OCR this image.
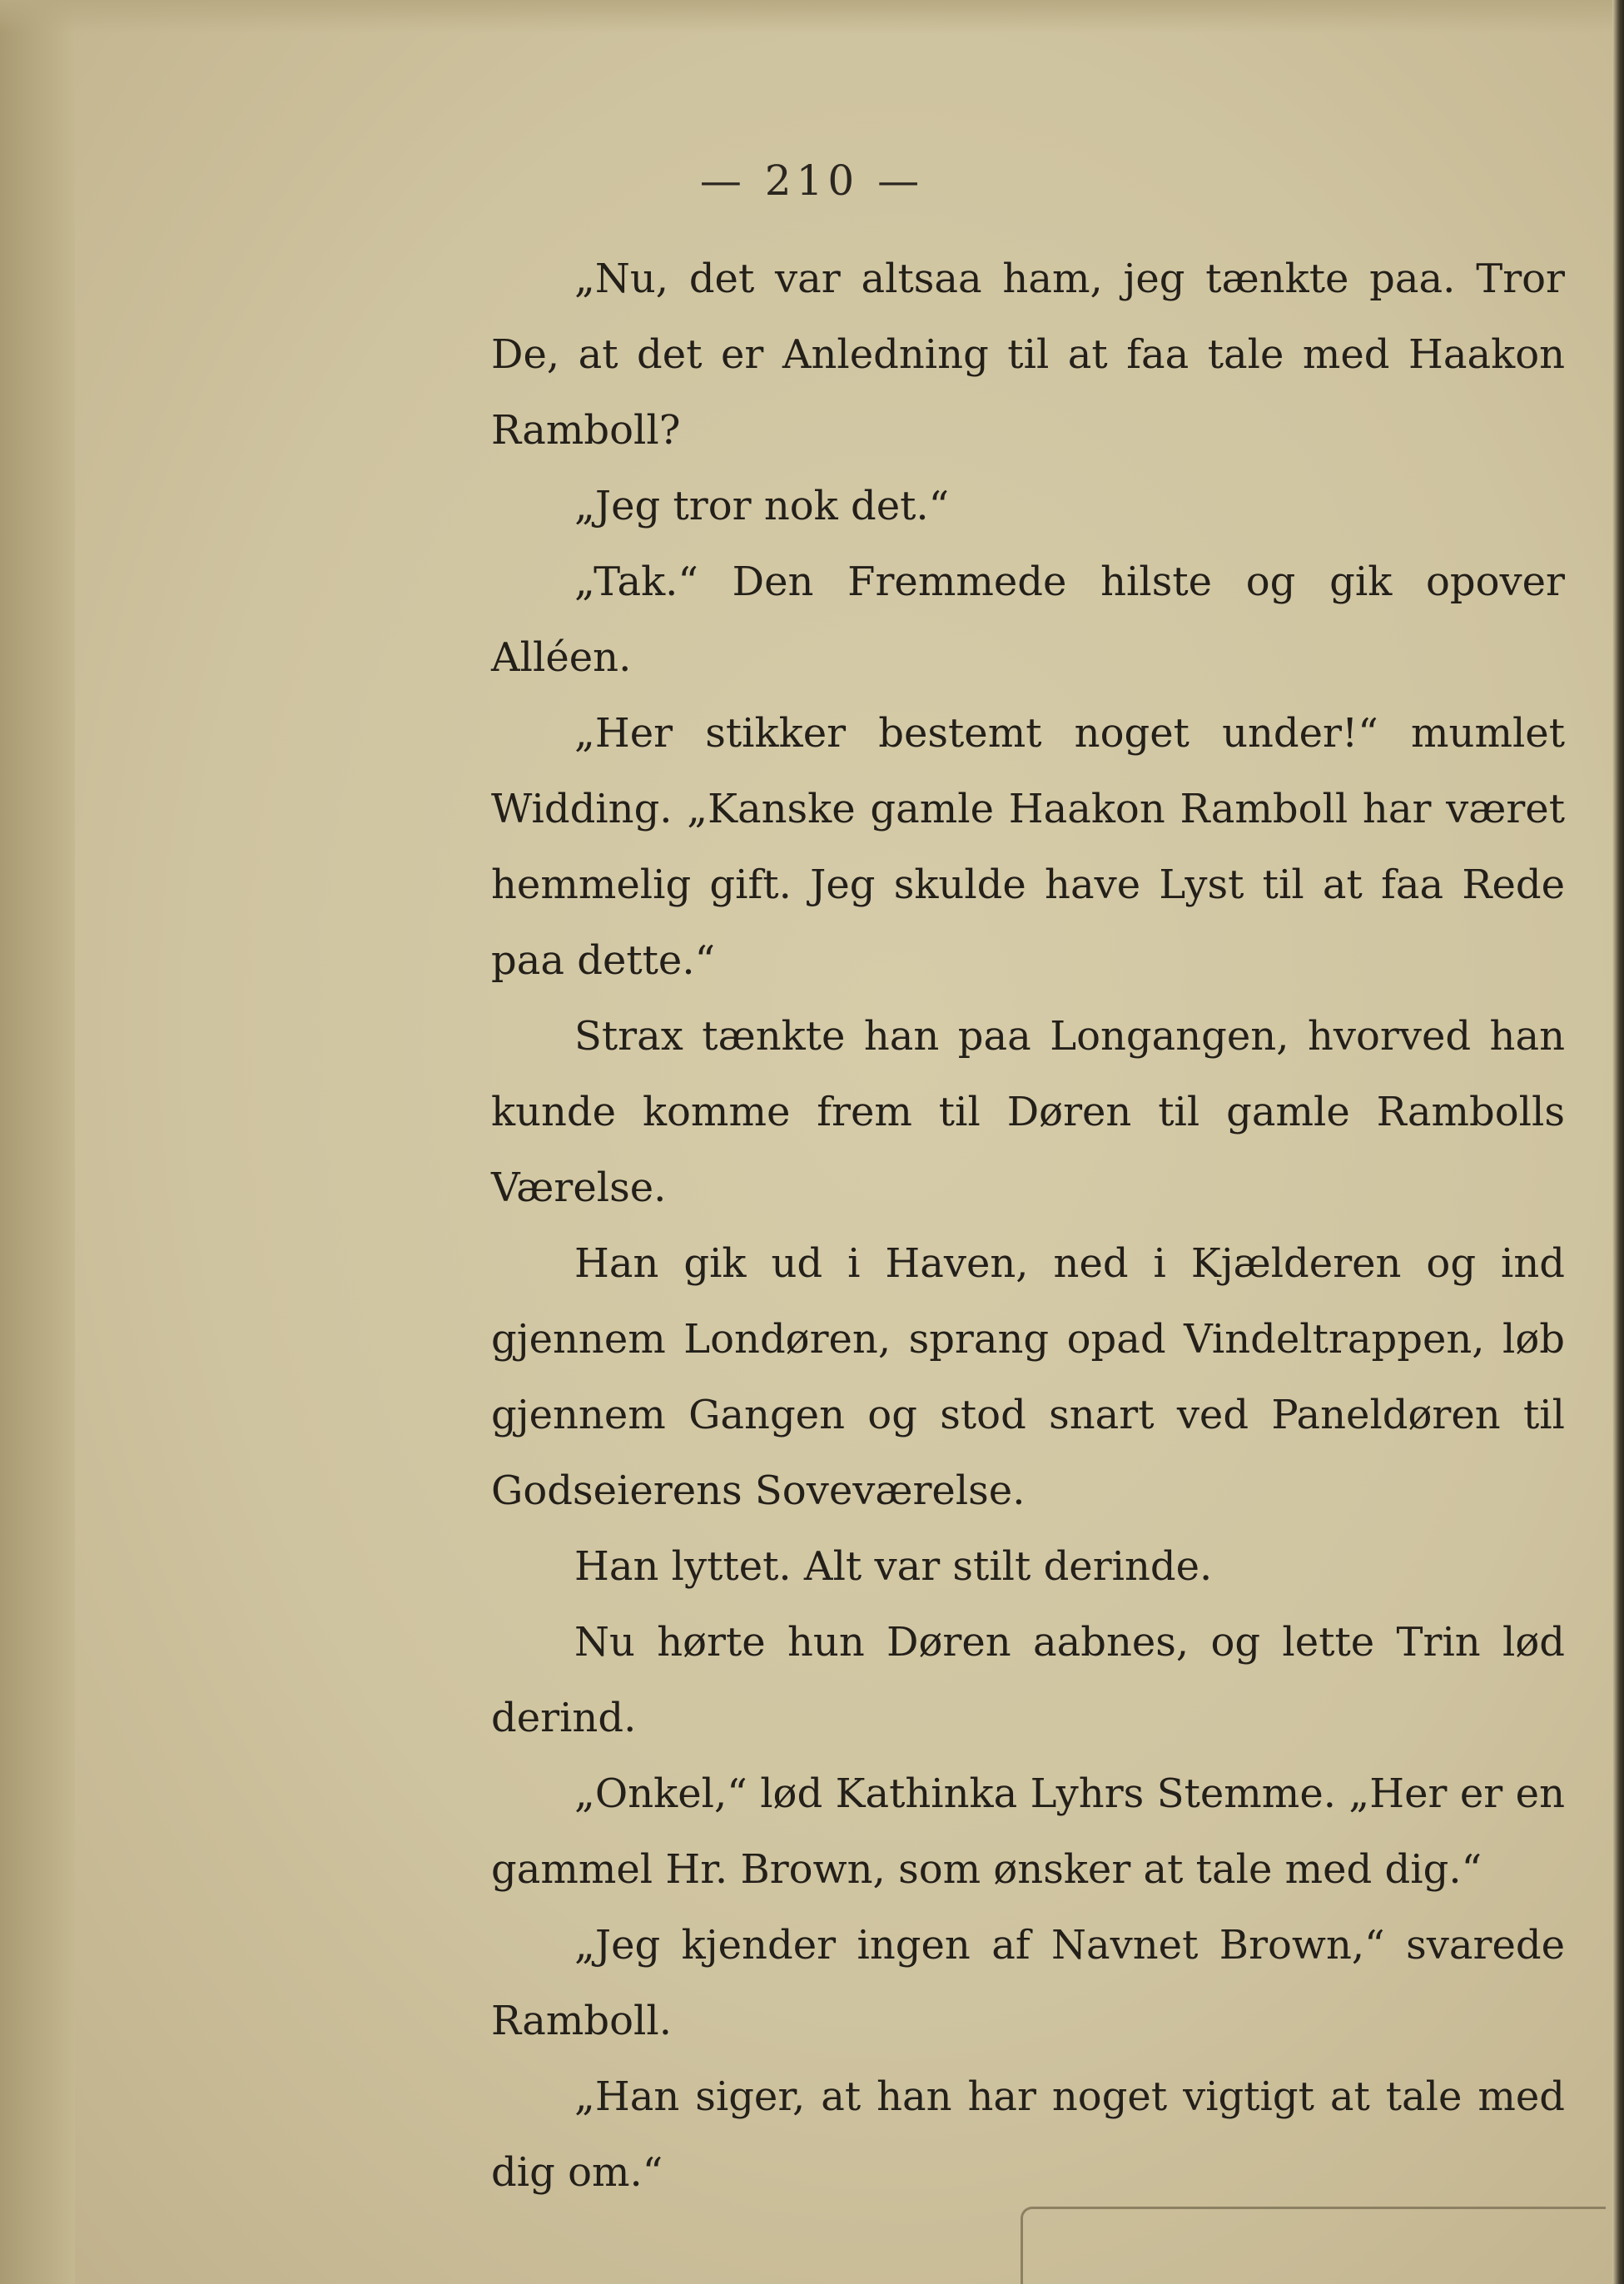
— 210 —

„Nu, det var altsaa ham, jeg tænkte paa. Tror De, at det er Anledning til at faa tale med Haakon Ramboll?

„Jeg tror nok det.“

„Tak.“ Den Fremmede hilste og gik opover Alléen.

„Her stikker bestemt noget under!“ mumlet Widding. „Kanske gamle Haakon Ramboll har været hemmelig gift. Jeg skulde have Lyst til at faa Rede paa dette.“

Strax tænkte han paa Longangen, hvorved han kunde komme frem til Døren til gamle Rambolls Værelse.

Han gik ud i Haven, ned i Kjælderen og ind gjennem Londøren, sprang opad Vindeltrappen, løb gjennem Gangen og stod snart ved Paneldøren til Godseierens Soveværelse.

Han lyttet. Alt var stilt derinde.

Nu hørte hun Døren aabnes, og lette Trin lød derind.

„Onkel,“ lød Kathinka Lyhrs Stemme. „Her er en gammel Hr. Brown, som ønsker at tale med dig.“

„Jeg kjender ingen af Navnet Brown,“ svarede Ramboll.

„Han siger, at han har noget vigtigt at tale med dig om.“
